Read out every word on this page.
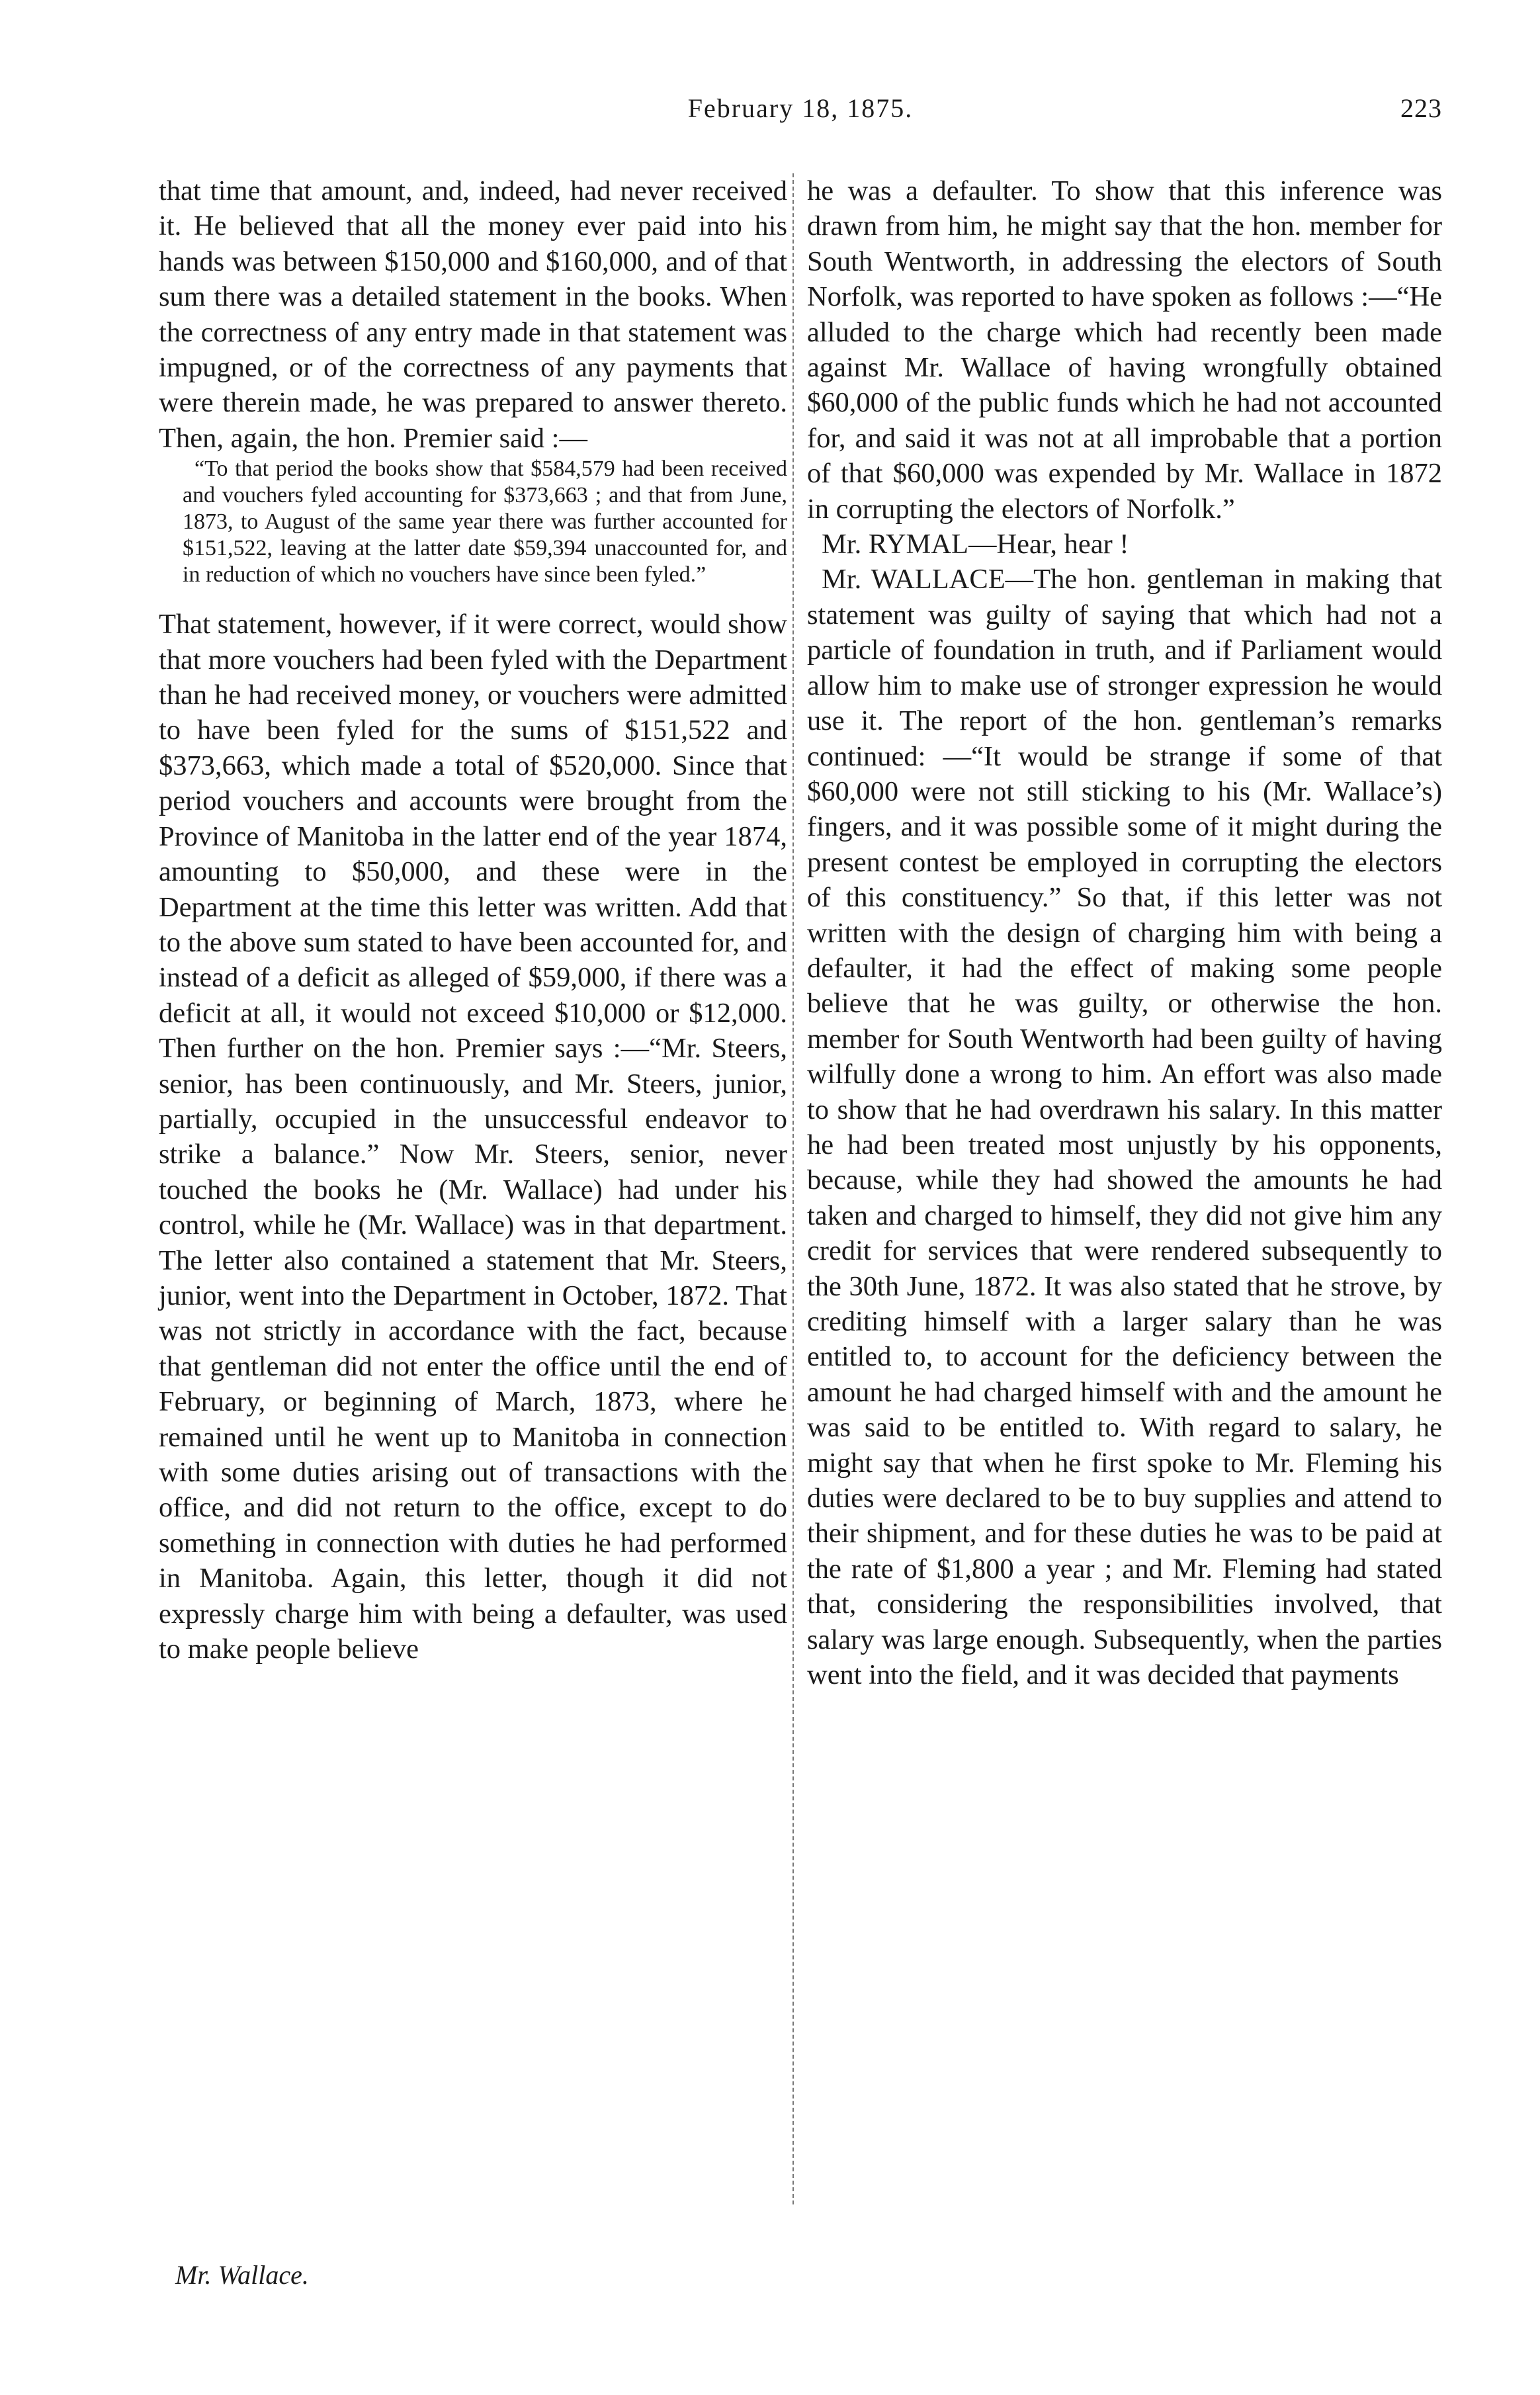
February 18, 1875.	223

that time that amount, and, indeed, had never received it. He believed that all the money ever paid into his hands was between $150,000 and $160,000, and of that sum there was a detailed statement in the books. When the correctness of any entry made in that statement was impugned, or of the correctness of any payments that were therein made, he was prepared to answer thereto. Then, again, the hon. Premier said :—

“To that period the books show that $584,579 had been received and vouchers fyled accounting for $373,663 ; and that from June, 1873, to August of the same year there was further accounted for $151,522, leaving at the latter date $59,394 unaccounted for, and in reduction of which no vouchers have since been fyled.”

That statement, however, if it were correct, would show that more vouchers had been fyled with the Department than he had received money, or vouchers were admitted to have been fyled for the sums of $151,522 and $373,663, which made a total of $520,000. Since that period vouchers and accounts were brought from the Province of Manitoba in the latter end of the year 1874, amounting to $50,000, and these were in the Department at the time this letter was written. Add that to the above sum stated to have been accounted for, and instead of a deficit as alleged of $59,000, if there was a deficit at all, it would not exceed $10,000 or $12,000. Then further on the hon. Premier says :—“Mr. Steers, senior, has been continuously, and Mr. Steers, junior, partially, occupied in the unsuccessful endeavor to strike a balance.” Now Mr. Steers, senior, never touched the books he (Mr. Wallace) had under his control, while he (Mr. Wallace) was in that department. The letter also contained a statement that Mr. Steers, junior, went into the Department in October, 1872. That was not strictly in accordance with the fact, because that gentleman did not enter the office until the end of February, or beginning of March, 1873, where he remained until he went up to Manitoba in connection with some duties arising out of transactions with the office, and did not return to the office, except to do something in connection with duties he had performed in Manitoba. Again, this letter, though it did not expressly charge him with being a defaulter, was used to make people believe

he was a defaulter. To show that this inference was drawn from him, he might say that the hon. member for South Wentworth, in addressing the electors of South Norfolk, was reported to have spoken as follows :—“He alluded to the charge which had recently been made against Mr. Wallace of having wrongfully obtained $60,000 of the public funds which he had not accounted for, and said it was not at all improbable that a portion of that $60,000 was expended by Mr. Wallace in 1872 in corrupting the electors of Norfolk.”

Mr. RYMAL—Hear, hear !

Mr. WALLACE—The hon. gentleman in making that statement was guilty of saying that which had not a particle of foundation in truth, and if Parliament would allow him to make use of stronger expression he would use it. The report of the hon. gentleman’s remarks continued: —“It would be strange if some of that $60,000 were not still sticking to his (Mr. Wallace’s) fingers, and it was possible some of it might during the present contest be employed in corrupting the electors of this constituency.” So that, if this letter was not written with the design of charging him with being a defaulter, it had the effect of making some people believe that he was guilty, or otherwise the hon. member for South Wentworth had been guilty of having wilfully done a wrong to him. An effort was also made to show that he had overdrawn his salary. In this matter he had been treated most unjustly by his opponents, because, while they had showed the amounts he had taken and charged to himself, they did not give him any credit for services that were rendered subsequently to the 30th June, 1872. It was also stated that he strove, by crediting himself with a larger salary than he was entitled to, to account for the deficiency between the amount he had charged himself with and the amount he was said to be entitled to. With regard to salary, he might say that when he first spoke to Mr. Fleming his duties were declared to be to buy supplies and attend to their shipment, and for these duties he was to be paid at the rate of $1,800 a year ; and Mr. Fleming had stated that, considering the responsibilities involved, that salary was large enough. Subsequently, when the parties went into the field, and it was decided that payments

Mr. Wallace.
